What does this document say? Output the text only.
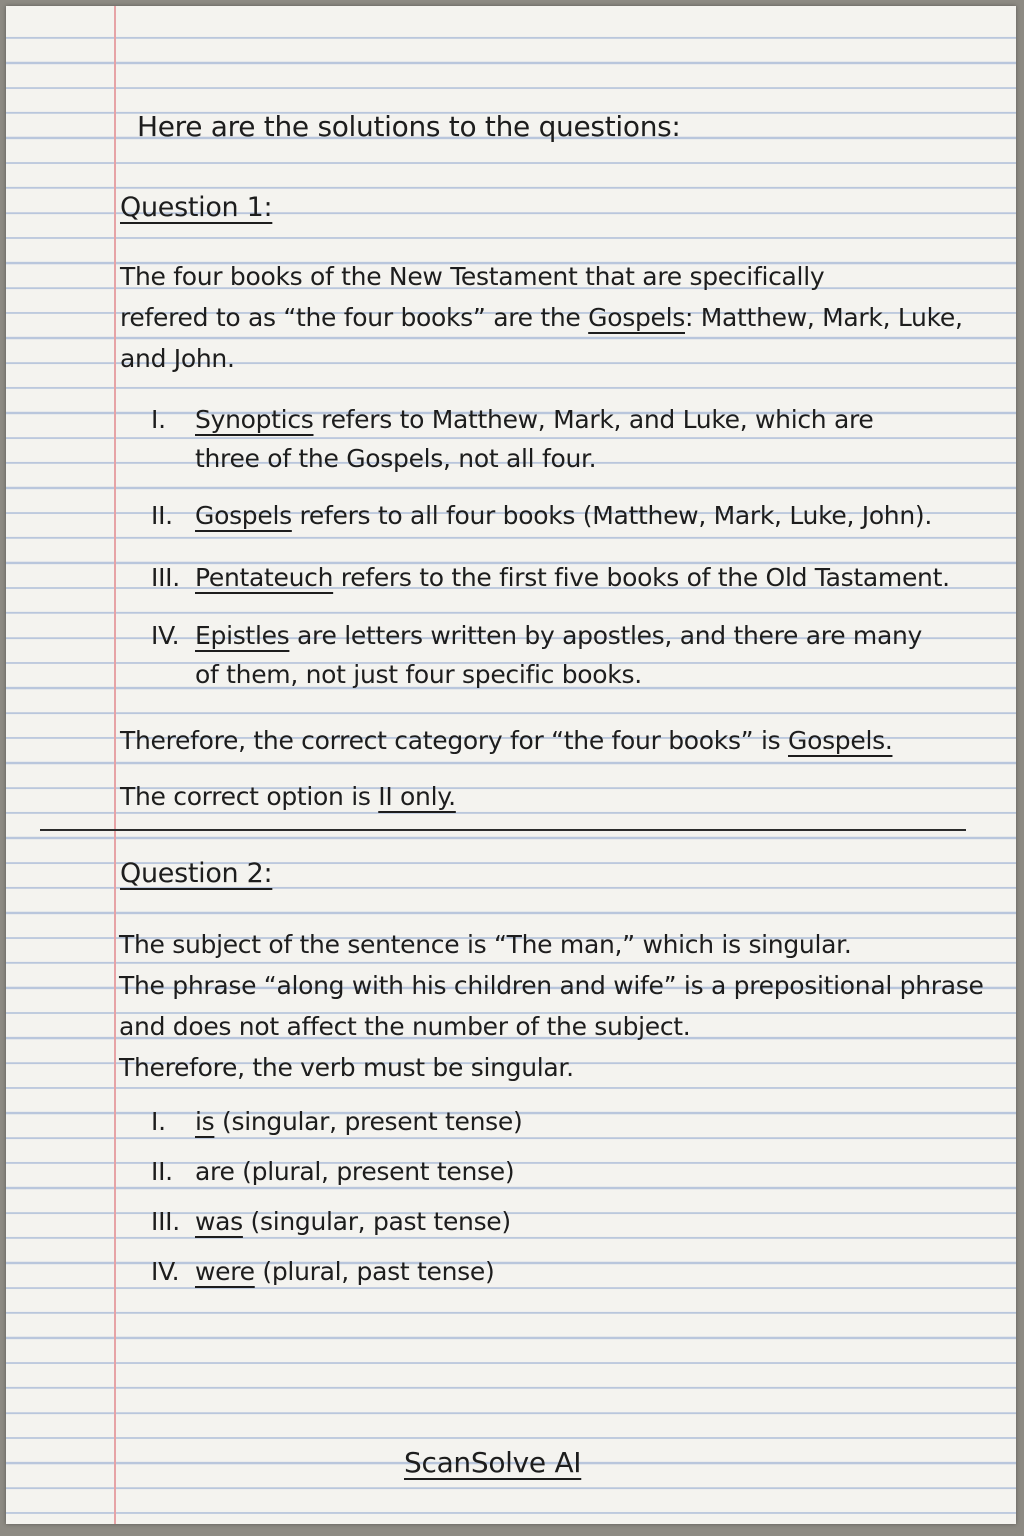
Here are the solutions to the questions:
Question 1:
The four books of the New Testament that are specifically
refered to as “the four books” are the Gospels: Matthew, Mark, Luke,
and John.
I. Synoptics refers to Matthew, Mark, and Luke, which are
three of the Gospels, not all four.
II. Gospels refers to all four books (Matthew, Mark, Luke, John).
III. Pentateuch refers to the first five books of the Old Tastament.
IV. Epistles are letters written by apostles, and there are many
of them, not just four specific books.
Therefore, the correct category for “the four books” is Gospels.
The correct option is II only.
Question 2:
The subject of the sentence is “The man,” which is singular.
The phrase “along with his children and wife” is a prepositional phrase
and does not affect the number of the subject.
Therefore, the verb must be singular.
I. is (singular, present tense)
II. are (plural, present tense)
III. was (singular, past tense)
IV. were (plural, past tense)
ScanSolve AI
